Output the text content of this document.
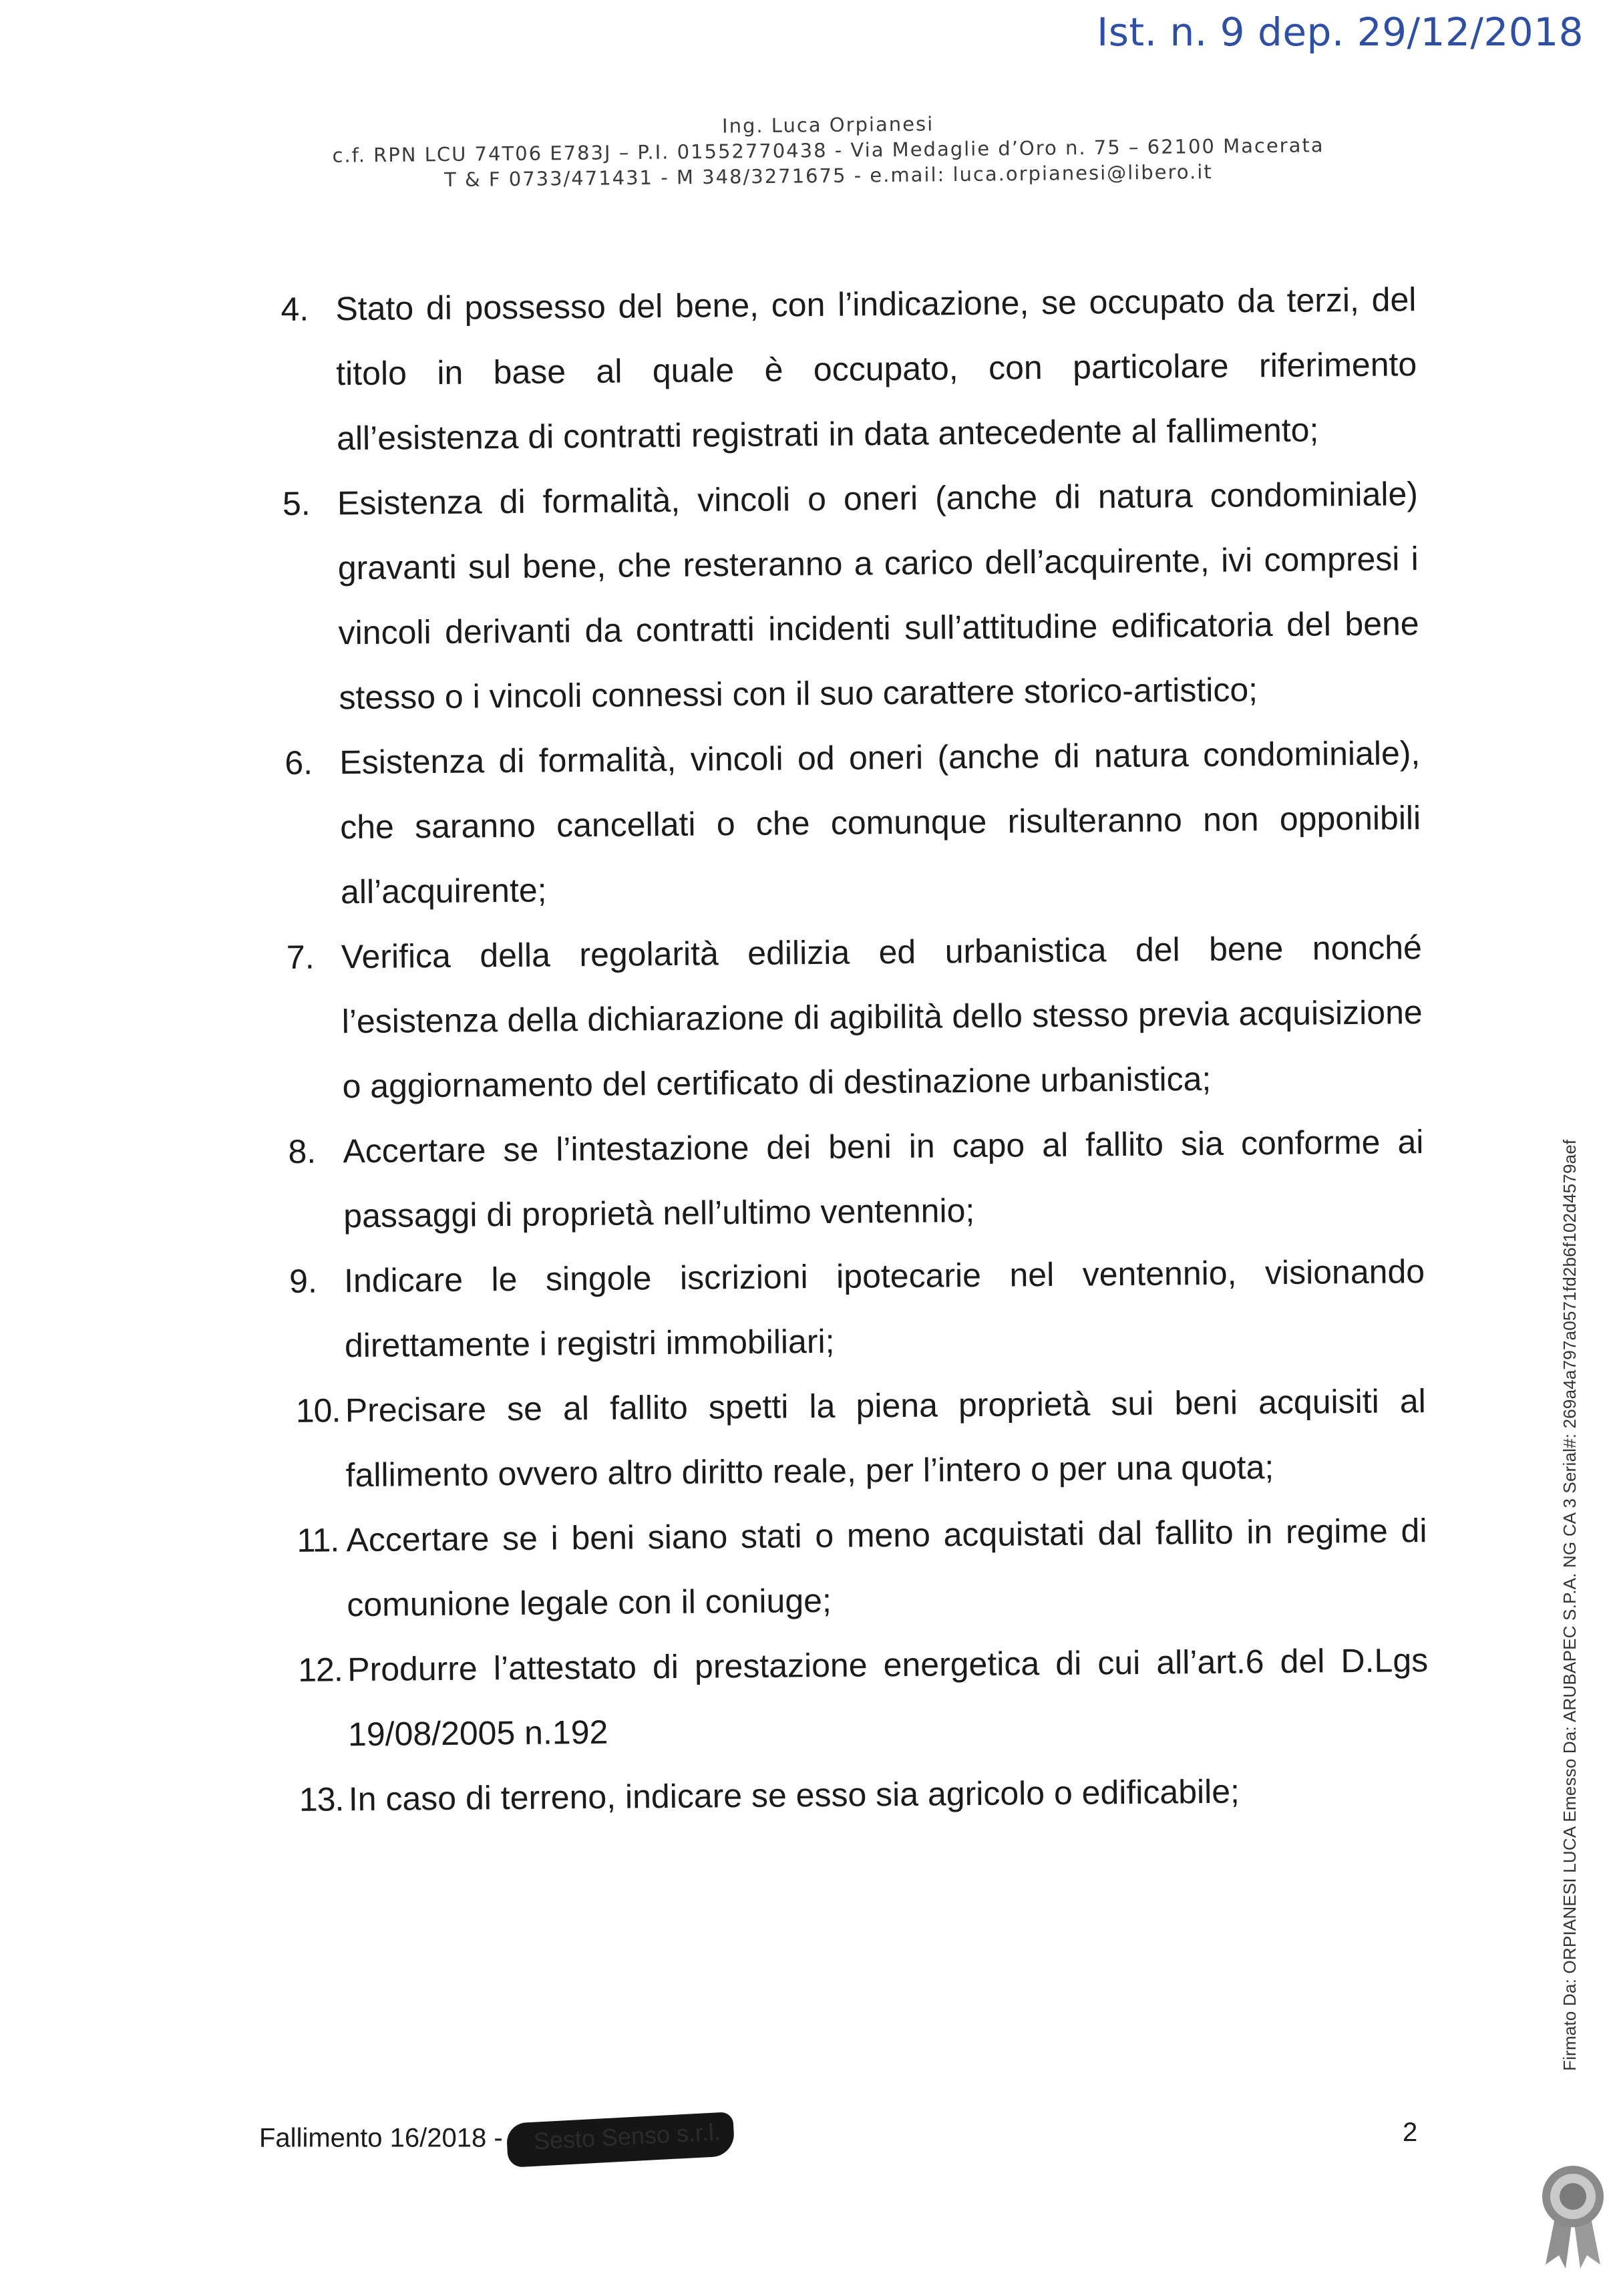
Ist. n. 9 dep. 29/12/2018
Ing. Luca Orpianesi
c.f. RPN LCU 74T06 E783J – P.I. 01552770438 - Via Medaglie d’Oro n. 75 – 62100 Macerata
T & F 0733/471431 - M 348/3271675 - e.mail: luca.orpianesi@libero.it
4. Stato di possesso del bene, con l’indicazione, se occupato da terzi, del titolo in base al quale è occupato, con particolare riferimento all’esistenza di contratti registrati in data antecedente al fallimento;
5. Esistenza di formalità, vincoli o oneri (anche di natura condominiale) gravanti sul bene, che resteranno a carico dell’acquirente, ivi compresi i vincoli derivanti da contratti incidenti sull’attitudine edificatoria del bene stesso o i vincoli connessi con il suo carattere storico-artistico;
6. Esistenza di formalità, vincoli od oneri (anche di natura condominiale), che saranno cancellati o che comunque risulteranno non opponibili all’acquirente;
7. Verifica della regolarità edilizia ed urbanistica del bene nonché l’esistenza della dichiarazione di agibilità dello stesso previa acquisizione o aggiornamento del certificato di destinazione urbanistica;
8. Accertare se l’intestazione dei beni in capo al fallito sia conforme ai passaggi di proprietà nell’ultimo ventennio;
9. Indicare le singole iscrizioni ipotecarie nel ventennio, visionando direttamente i registri immobiliari;
10. Precisare se al fallito spetti la piena proprietà sui beni acquisiti al fallimento ovvero altro diritto reale, per l’intero o per una quota;
11. Accertare se i beni siano stati o meno acquistati dal fallito in regime di comunione legale con il coniuge;
12. Produrre l’attestato di prestazione energetica di cui all’art.6 del D.Lgs 19/08/2005 n.192
13. In caso di terreno, indicare se esso sia agricolo o edificabile;
Fallimento 16/2018 - Sesto Senso s.r.l.	2
Firmato Da: ORPIANESI LUCA Emesso Da: ARUBAPEC S.P.A. NG CA 3 Serial#: 269a4a797a0571fd2b6f102d4579aef
